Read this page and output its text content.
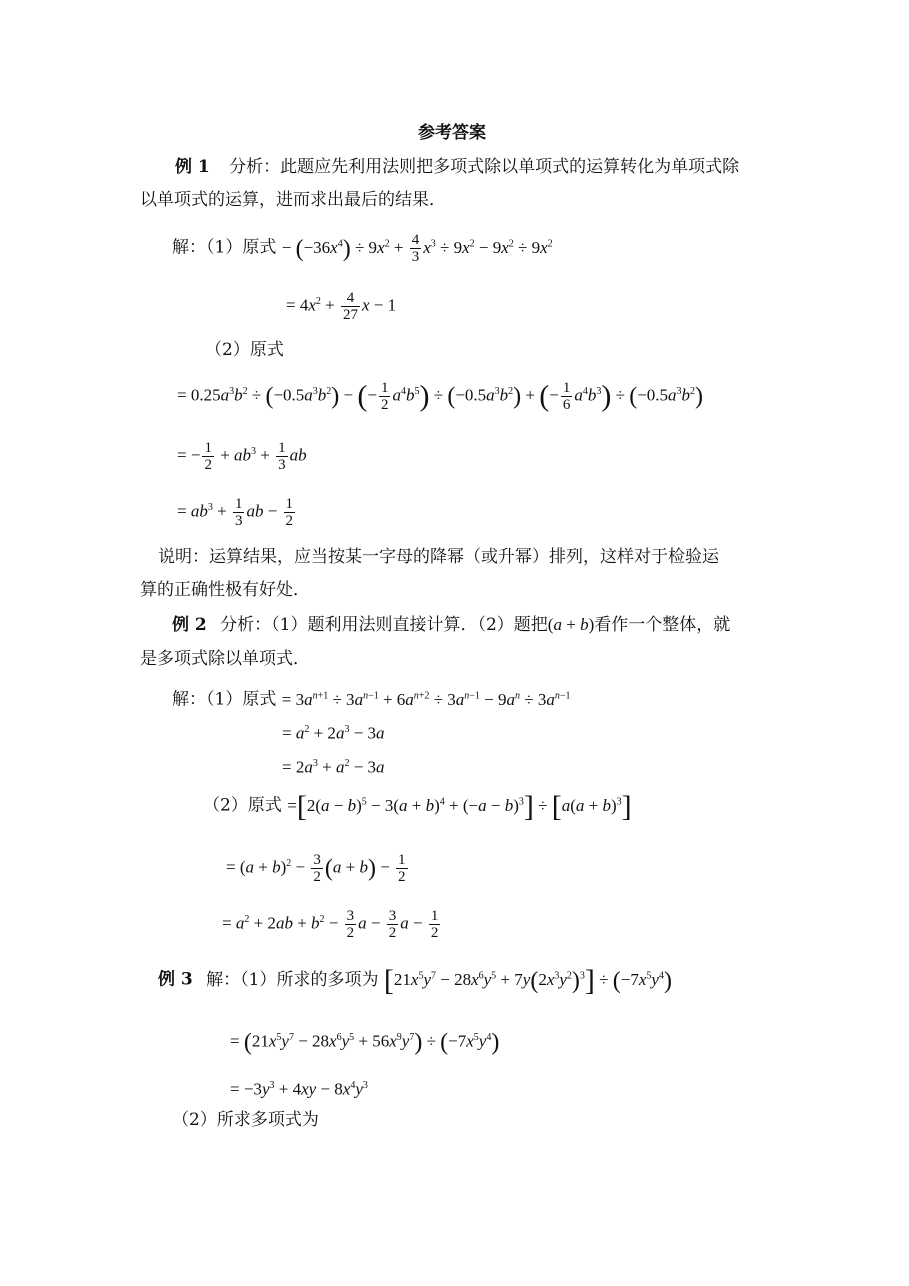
参考答案
例 1 分析：此题应先利用法则把多项式除以单项式的运算转化为单项式除
以单项式的运算，进而求出最后的结果．
解：（1）原式 − $(-36x^4) \div 9x^2 + \frac{4}{3} x^3 \div 9x^2 - 9x^2 \div 9x^2$
= $4x^2 + \frac{4}{27}$ x − 1
（2）原式
= $0.25a^3b^2 \div (-0.5a^3b^2)$ − (− $\frac{1}{2} a^4b^5) \div (-0.5a^3b^2)$ + (− $\frac{1}{6} a^4b^3) \div (-0.5a^3b^2)$
= − $\frac{1}{2} + ab^3 + \frac{1}{3}$ ab
= $ab^3 + \frac{1}{3}$ ab − $\frac{1}{2}$
说明：运算结果，应当按某一字母的降幂（或升幂）排列，这样对于检验运
算的正确性极有好处．
例 2 分析：（1）题利用法则直接计算．（2）题把(a + b)看作一个整体，就
是多项式除以单项式．
解：（1）原式 = $3a^{n+1} \div 3a^{n-1} + 6a^{n+2} \div 3a^{n-1} - 9a^n \div 3a^{n-1}$
= $a^2 + 2a^3 - 3a$
= $2a^3 + a^2 - 3a$
（2）原式 $=[2(a - b)^5 - 3(a + b)^4 + (-a - b)^3] \div [a(a + b)^3]$
= $(a + b)^2 - \frac{3}{2} (a + b) - \frac{1}{2}$
= $a^2 + 2ab + b^2 - \frac{3}{2}$ $a - \frac{3}{2}$ $a - \frac{1}{2}$
例 3 解：（1）所求的多项为 $[21x^5y^7 - 28x^6y^5 + 7y(2x^3y^2)^3] \div (-7x^5y^4)$
= $(21x^5y^7 - 28x^6y^5 + 56x^9y^7) \div (-7x^5y^4)$
= $-3y^3 + 4xy - 8x^4y^3$
（2）所求多项式为
